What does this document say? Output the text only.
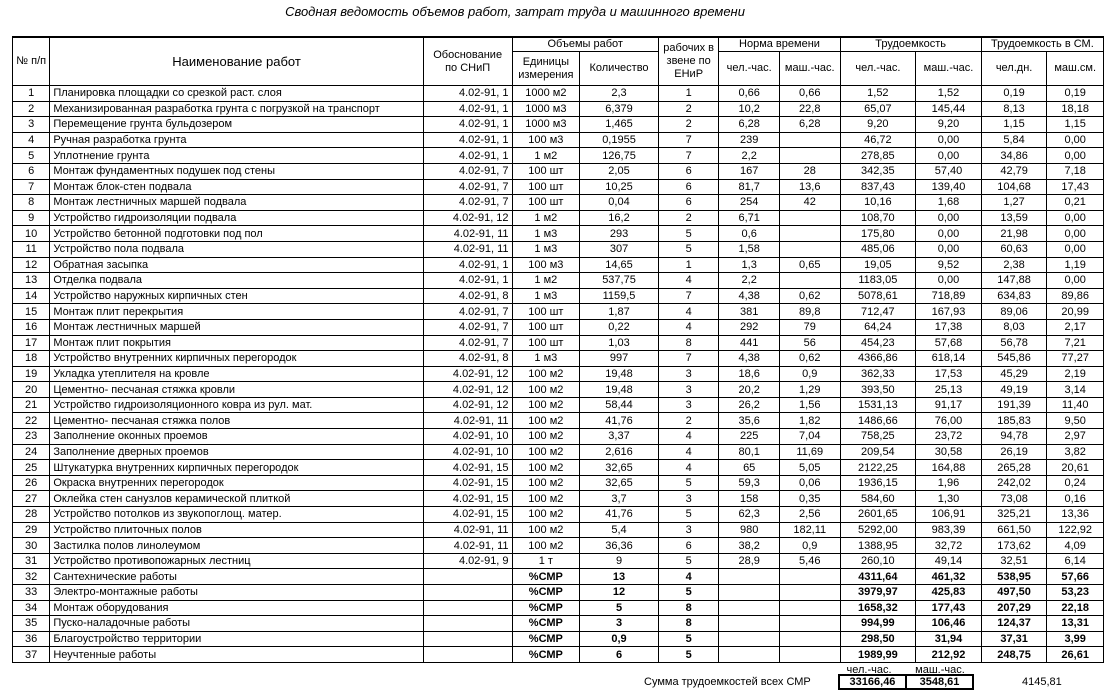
Сводная ведомость объемов работ, затрат труда и машинного времени
№ п/п	Наименование работ	Обоснование по СНиП	Объемы работ		рабочих в звене по ЕНиР	Норма времени		Трудоемкость		Трудоемкость в СМ.	
			Единицы измерения	Количество		чел.-час.	маш.-час.	чел.-час.	маш.-час.	чел.дн.	маш.см.
1	Планировка площадки со срезкой раст. слоя	4.02-91, 1	1000 м2	2,3	1	0,66	0,66	1,52	1,52	0,19	0,19
2	Механизированная разработка грунта с погрузкой на транспорт	4.02-91, 1	1000 м3	6,379	2	10,2	22,8	65,07	145,44	8,13	18,18
3	Перемещение грунта бульдозером	4.02-91, 1	1000 м3	1,465	2	6,28	6,28	9,20	9,20	1,15	1,15
4	Ручная разработка грунта	4.02-91, 1	100 м3	0,1955	7	239		46,72	0,00	5,84	0,00
5	Уплотнение грунта	4.02-91, 1	1 м2	126,75	7	2,2		278,85	0,00	34,86	0,00
6	Монтаж фундаментных подушек под стены	4.02-91, 7	100 шт	2,05	6	167	28	342,35	57,40	42,79	7,18
7	Монтаж блок-стен подвала	4.02-91, 7	100 шт	10,25	6	81,7	13,6	837,43	139,40	104,68	17,43
8	Монтаж лестничных маршей подвала	4.02-91, 7	100 шт	0,04	6	254	42	10,16	1,68	1,27	0,21
9	Устройство гидроизоляции подвала	4.02-91, 12	1 м2	16,2	2	6,71		108,70	0,00	13,59	0,00
10	Устройство бетонной подготовки под пол	4.02-91, 11	1 м3	293	5	0,6		175,80	0,00	21,98	0,00
11	Устройство пола подвала	4.02-91, 11	1 м3	307	5	1,58		485,06	0,00	60,63	0,00
12	Обратная засыпка	4.02-91, 1	100 м3	14,65	1	1,3	0,65	19,05	9,52	2,38	1,19
13	Отделка подвала	4.02-91, 1	1 м2	537,75	4	2,2		1183,05	0,00	147,88	0,00
14	Устройство наружных кирпичных стен	4.02-91, 8	1 м3	1159,5	7	4,38	0,62	5078,61	718,89	634,83	89,86
15	Монтаж плит перекрытия	4.02-91, 7	100 шт	1,87	4	381	89,8	712,47	167,93	89,06	20,99
16	Монтаж лестничных маршей	4.02-91, 7	100 шт	0,22	4	292	79	64,24	17,38	8,03	2,17
17	Монтаж плит покрытия	4.02-91, 7	100 шт	1,03	8	441	56	454,23	57,68	56,78	7,21
18	Устройство внутренних кирпичных перегородок	4.02-91, 8	1 м3	997	7	4,38	0,62	4366,86	618,14	545,86	77,27
19	Укладка утеплителя на кровле	4.02-91, 12	100 м2	19,48	3	18,6	0,9	362,33	17,53	45,29	2,19
20	Цементно- песчаная стяжка кровли	4.02-91, 12	100 м2	19,48	3	20,2	1,29	393,50	25,13	49,19	3,14
21	Устройство гидроизоляционного ковра из рул. мат.	4.02-91, 12	100 м2	58,44	3	26,2	1,56	1531,13	91,17	191,39	11,40
22	Цементно- песчаная стяжка полов	4.02-91, 11	100 м2	41,76	2	35,6	1,82	1486,66	76,00	185,83	9,50
23	Заполнение оконных проемов	4.02-91, 10	100 м2	3,37	4	225	7,04	758,25	23,72	94,78	2,97
24	Заполнение дверных проемов	4.02-91, 10	100 м2	2,616	4	80,1	11,69	209,54	30,58	26,19	3,82
25	Штукатурка внутренних кирпичных перегородок	4.02-91, 15	100 м2	32,65	4	65	5,05	2122,25	164,88	265,28	20,61
26	Окраска внутренних перегородок	4.02-91, 15	100 м2	32,65	5	59,3	0,06	1936,15	1,96	242,02	0,24
27	Оклейка стен санузлов керамической плиткой	4.02-91, 15	100 м2	3,7	3	158	0,35	584,60	1,30	73,08	0,16
28	Устройство потолков из звукопоглощ. матер.	4.02-91, 15	100 м2	41,76	5	62,3	2,56	2601,65	106,91	325,21	13,36
29	Устройство плиточных полов	4.02-91, 11	100 м2	5,4	3	980	182,11	5292,00	983,39	661,50	122,92
30	Застилка полов линолеумом	4.02-91, 11	100 м2	36,36	6	38,2	0,9	1388,95	32,72	173,62	4,09
31	Устройство противопожарных лестниц	4.02-91, 9	1 т	9	5	28,9	5,46	260,10	49,14	32,51	6,14
32	Сантехнические работы		%СМР	13	4			4311,64	461,32	538,95	57,66
33	Электро-монтажные работы		%СМР	12	5			3979,97	425,83	497,50	53,23
34	Монтаж оборудования		%СМР	5	8			1658,32	177,43	207,29	22,18
35	Пуско-наладочные работы		%СМР	3	8			994,99	106,46	124,37	13,31
36	Благоустройство территории		%СМР	0,9	5			298,50	31,94	37,31	3,99
37	Неучтенные работы		%СМР	6	5			1989,99	212,92	248,75	26,61
чел.-час.	маш.-час.
Сумма трудоемкостей всех СМР	33166,46	3548,61	4145,81
